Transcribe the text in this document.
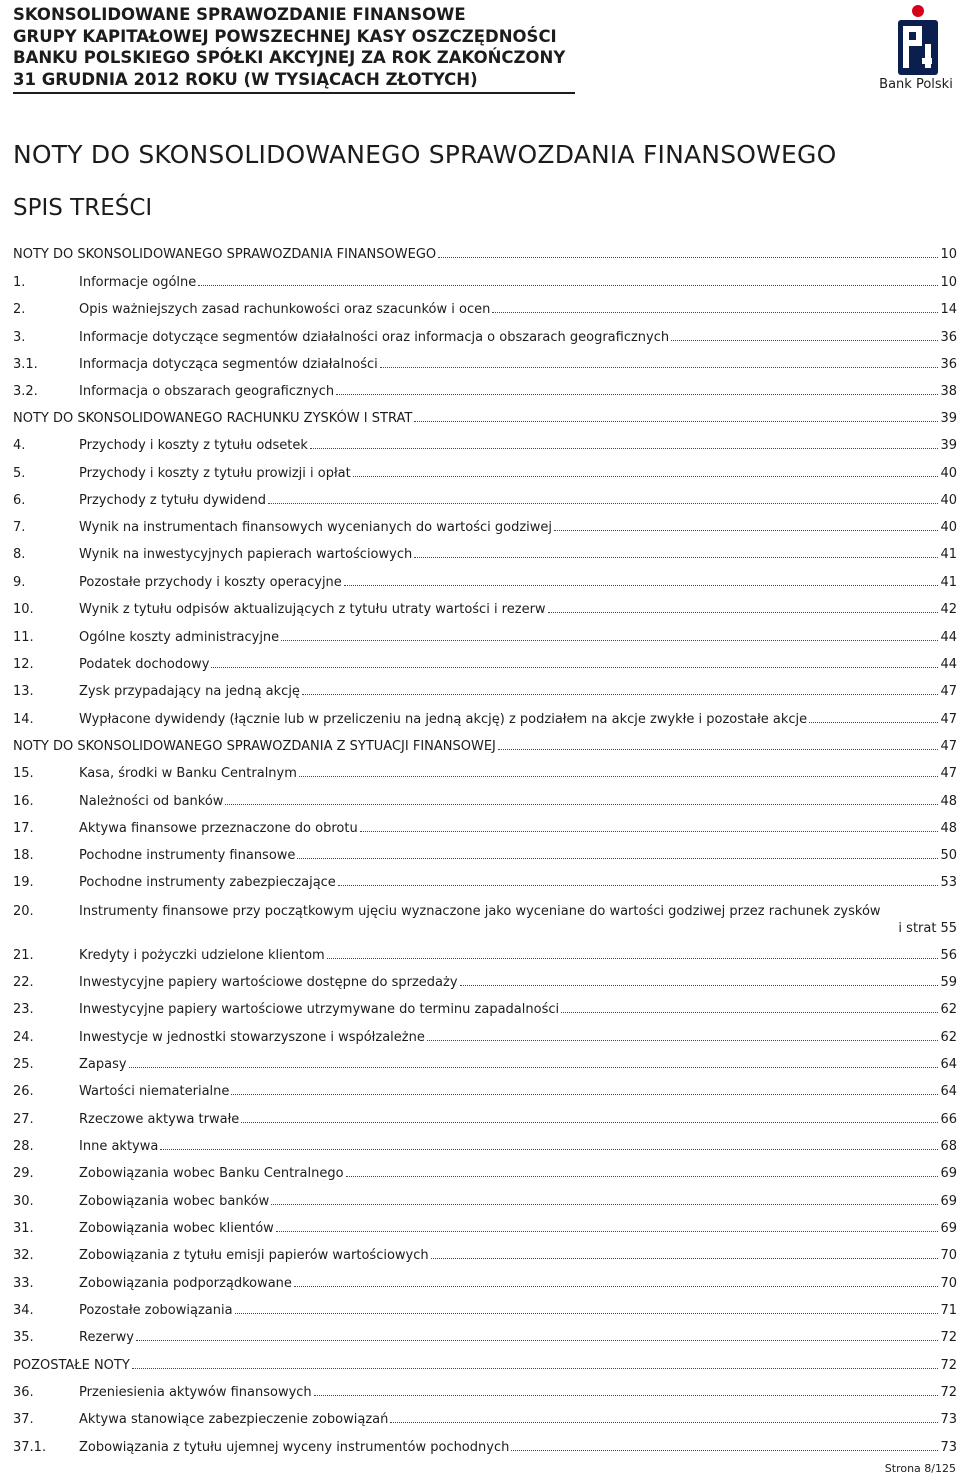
SKONSOLIDOWANE SPRAWOZDANIE FINANSOWE
GRUPY KAPITAŁOWEJ POWSZECHNEJ KASY OSZCZĘDNOŚCI
BANKU POLSKIEGO SPÓŁKI AKCYJNEJ ZA ROK ZAKOŃCZONY
31 GRUDNIA 2012 ROKU (W TYSIĄCACH ZŁOTYCH)	Bank Polski
NOTY DO SKONSOLIDOWANEGO SPRAWOZDANIA FINANSOWEGO
SPIS TREŚCI
NOTY DO SKONSOLIDOWANEGO SPRAWOZDANIA FINANSOWEGO	10
1.	Informacje ogólne	10
2.	Opis ważniejszych zasad rachunkowości oraz szacunków i ocen	14
3.	Informacje dotyczące segmentów działalności oraz informacja o obszarach geograficznych	36
3.1.	Informacja dotycząca segmentów działalności	36
3.2.	Informacja o obszarach geograficznych	38
NOTY DO SKONSOLIDOWANEGO RACHUNKU ZYSKÓW I STRAT	39
4.	Przychody i koszty z tytułu odsetek	39
5.	Przychody i koszty z tytułu prowizji i opłat	40
6.	Przychody z tytułu dywidend	40
7.	Wynik na instrumentach finansowych wycenianych do wartości godziwej	40
8.	Wynik na inwestycyjnych papierach wartościowych	41
9.	Pozostałe przychody i koszty operacyjne	41
10.	Wynik z tytułu odpisów aktualizujących z tytułu utraty wartości i rezerw	42
11.	Ogólne koszty administracyjne	44
12.	Podatek dochodowy	44
13.	Zysk przypadający na jedną akcję	47
14.	Wypłacone dywidendy (łącznie lub w przeliczeniu na jedną akcję) z podziałem na akcje zwykłe i pozostałe akcje	47
NOTY DO SKONSOLIDOWANEGO SPRAWOZDANIA Z SYTUACJI FINANSOWEJ	47
15.	Kasa, środki w Banku Centralnym	47
16.	Należności od banków	48
17.	Aktywa finansowe przeznaczone do obrotu	48
18.	Pochodne instrumenty finansowe	50
19.	Pochodne instrumenty zabezpieczające	53
20.	Instrumenty finansowe przy początkowym ujęciu wyznaczone jako wyceniane do wartości godziwej przez rachunek zysków
i strat 55
21.	Kredyty i pożyczki udzielone klientom	56
22.	Inwestycyjne papiery wartościowe dostępne do sprzedaży	59
23.	Inwestycyjne papiery wartościowe utrzymywane do terminu zapadalności	62
24.	Inwestycje w jednostki stowarzyszone i współzależne	62
25.	Zapasy	64
26.	Wartości niematerialne	64
27.	Rzeczowe aktywa trwałe	66
28.	Inne aktywa	68
29.	Zobowiązania wobec Banku Centralnego	69
30.	Zobowiązania wobec banków	69
31.	Zobowiązania wobec klientów	69
32.	Zobowiązania z tytułu emisji papierów wartościowych	70
33.	Zobowiązania podporządkowane	70
34.	Pozostałe zobowiązania	71
35.	Rezerwy	72
POZOSTAŁE NOTY	72
36.	Przeniesienia aktywów finansowych	72
37.	Aktywa stanowiące zabezpieczenie zobowiązań	73
37.1.	Zobowiązania z tytułu ujemnej wyceny instrumentów pochodnych	73
Strona 8/125
